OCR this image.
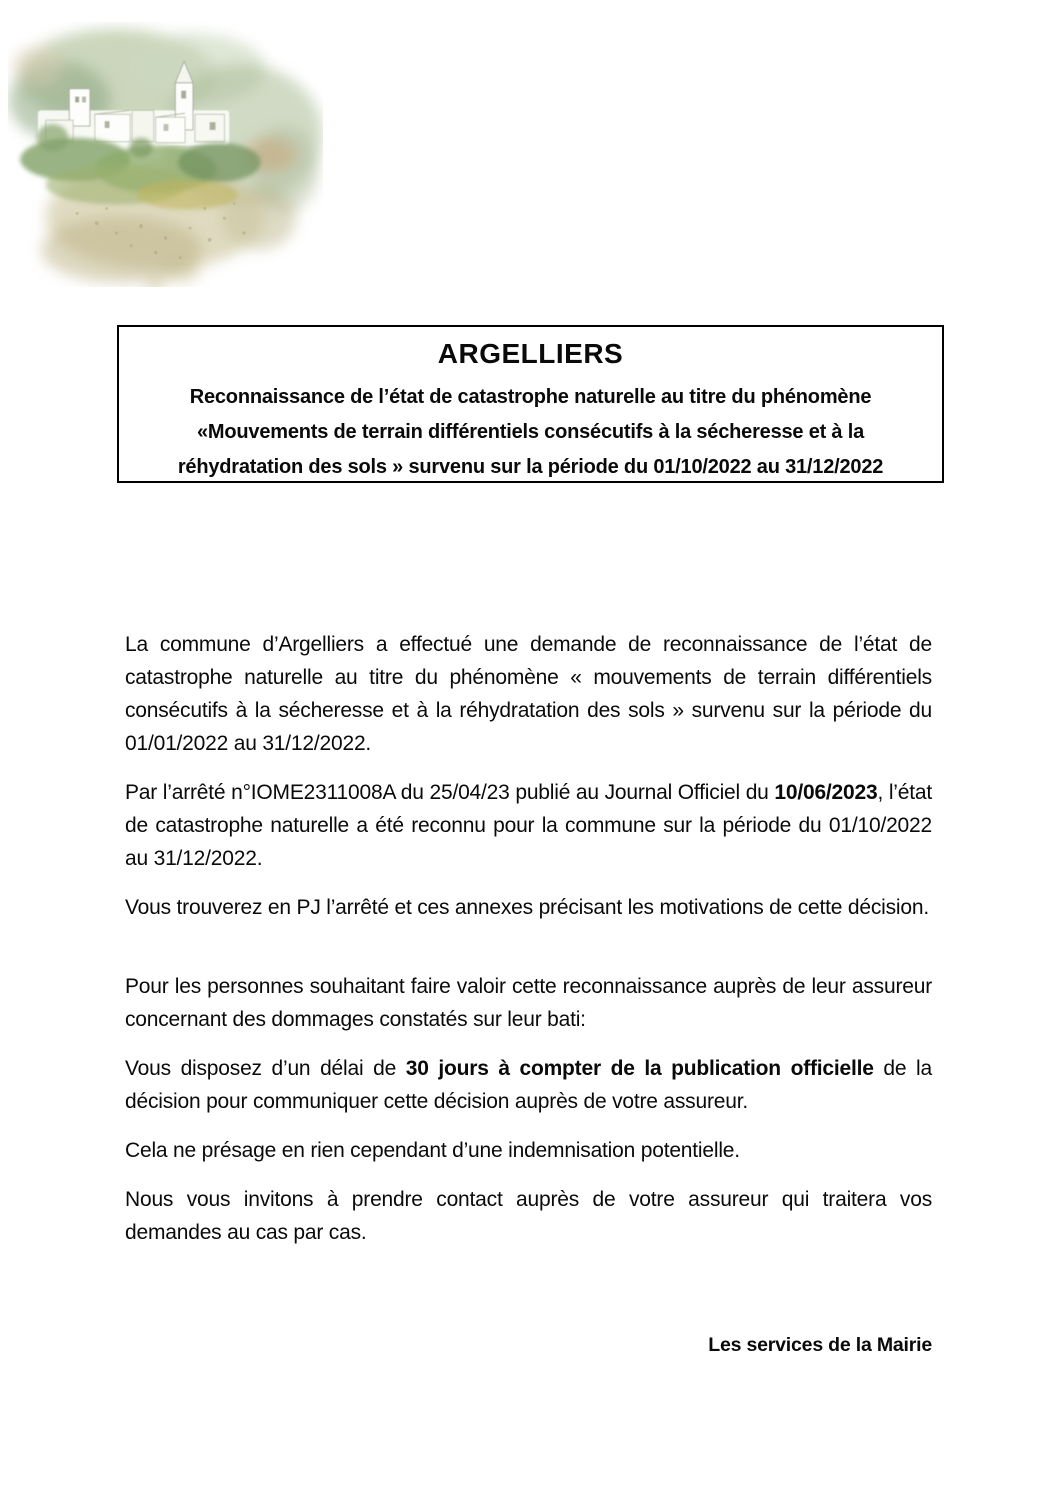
ARGELLIERS
Reconnaissance de l’état de catastrophe naturelle au titre du phénomène
«Mouvements de terrain différentiels consécutifs à la sécheresse et à la
réhydratation des sols » survenu sur la période du 01/10/2022 au 31/12/2022

La commune d’Argelliers a effectué une demande de reconnaissance de l’état de catastrophe naturelle au titre du phénomène « mouvements de terrain différentiels consécutifs à la sécheresse et à la réhydratation des sols » survenu sur la période du 01/01/2022 au 31/12/2022.

Par l’arrêté n°IOME2311008A du 25/04/23 publié au Journal Officiel du 10/06/2023, l’état de catastrophe naturelle a été reconnu pour la commune sur la période du 01/10/2022 au 31/12/2022.

Vous trouverez en PJ l’arrêté et ces annexes précisant les motivations de cette décision.

Pour les personnes souhaitant faire valoir cette reconnaissance auprès de leur assureur concernant des dommages constatés sur leur bati:

Vous disposez d’un délai de 30 jours à compter de la publication officielle de la décision pour communiquer cette décision auprès de votre assureur.

Cela ne présage en rien cependant d’une indemnisation potentielle.

Nous vous invitons à prendre contact auprès de votre assureur qui traitera vos demandes au cas par cas.

Les services de la Mairie
